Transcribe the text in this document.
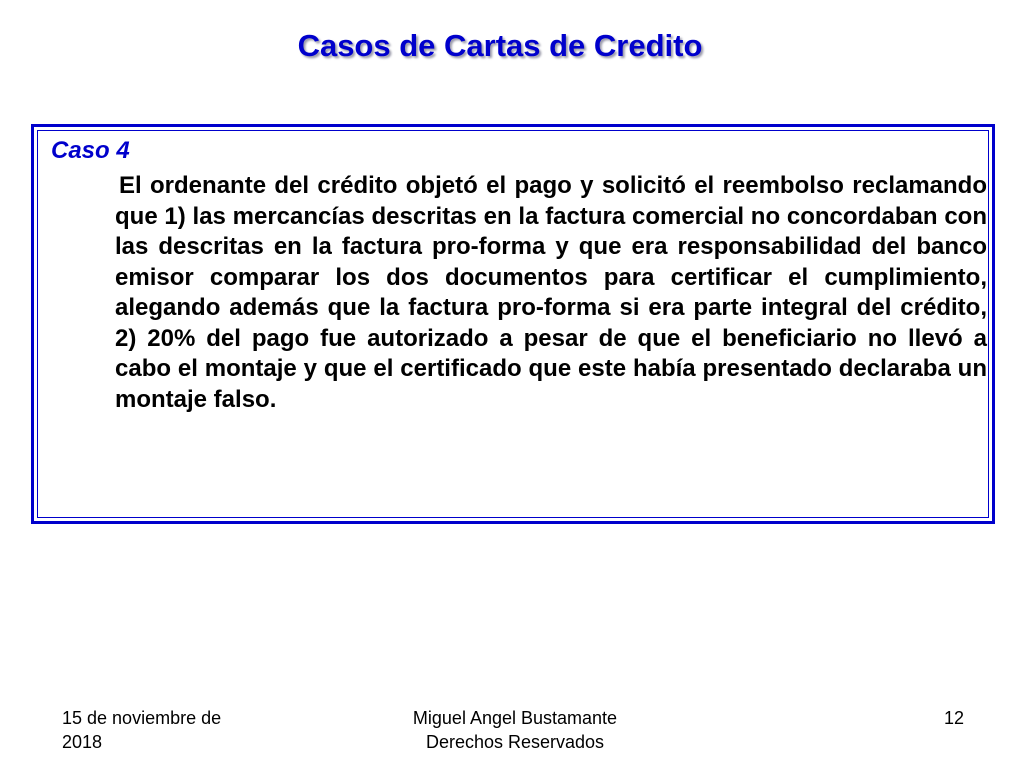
Casos de Cartas de Credito
Caso 4
El ordenante del crédito objetó el pago y solicitó el reembolso reclamando que 1) las mercancías descritas en la factura comercial no concordaban con las descritas en la factura pro-forma y que era responsabilidad del banco emisor comparar los dos documentos para certificar el cumplimiento, alegando además que la factura pro-forma si era parte integral del crédito, 2) 20% del pago fue autorizado a pesar de que el beneficiario no llevó a cabo el montaje y que el certificado que este había presentado declaraba un montaje falso.
15 de noviembre de 2018
Miguel Angel Bustamante
Derechos Reservados
12
